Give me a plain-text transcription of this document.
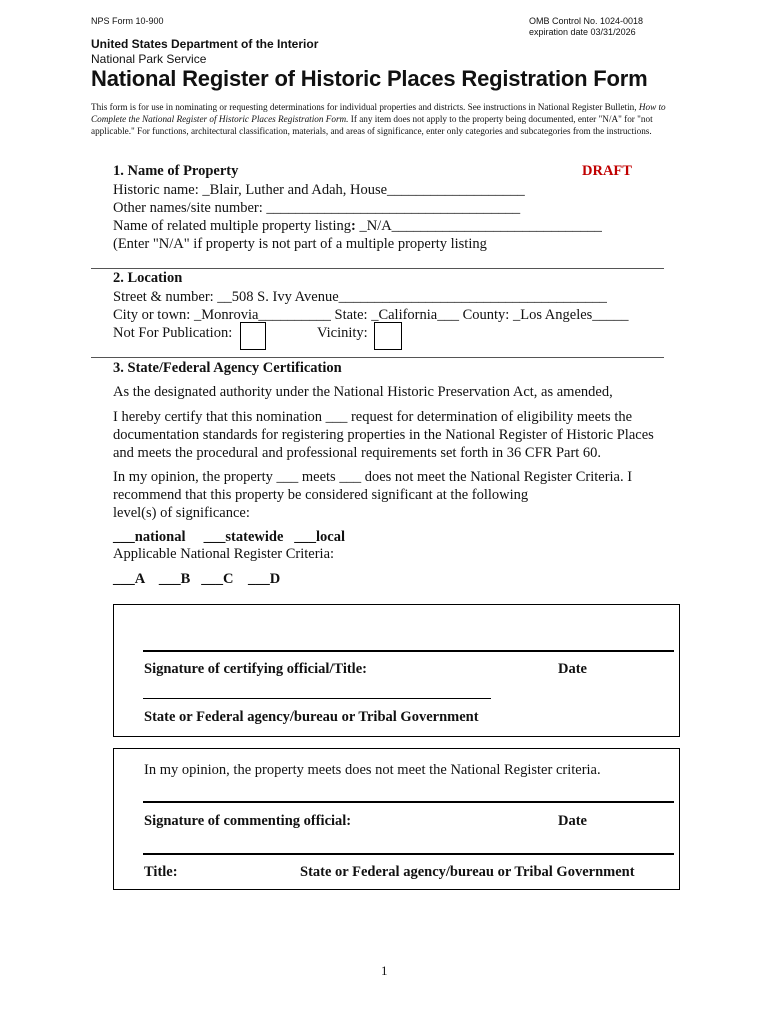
NPS Form 10-900	OMB Control No. 1024-0018
expiration date 03/31/2026
United States Department of the Interior
National Park Service
National Register of Historic Places Registration Form
This form is for use in nominating or requesting determinations for individual properties and districts. See instructions in National Register Bulletin, How to Complete the National Register of Historic Places Registration Form. If any item does not apply to the property being documented, enter "N/A" for "not applicable." For functions, architectural classification, materials, and areas of significance, enter only categories and subcategories from the instructions.
1. Name of Property	DRAFT
Historic name: _Blair, Luther and Adah, House___________________
Other names/site number: ___________________________________
Name of related multiple property listing: _N/A_____________________________
(Enter "N/A" if property is not part of a multiple property listing
2. Location
Street & number: __508 S. Ivy Avenue_____________________________________
City or town: _Monrovia__________ State: _California___ County: _Los Angeles_____
Not For Publication:	Vicinity:
3. State/Federal Agency Certification
As the designated authority under the National Historic Preservation Act, as amended,
I hereby certify that this nomination ___ request for determination of eligibility meets the
documentation standards for registering properties in the National Register of Historic Places
and meets the procedural and professional requirements set forth in 36 CFR Part 60.
In my opinion, the property ___ meets ___ does not meet the National Register Criteria. I
recommend that this property be considered significant at the following
level(s) of significance:
___national     ___statewide   ___local
Applicable National Register Criteria:
___A    ___B   ___C    ___D
Signature of certifying official/Title:	Date
State or Federal agency/bureau or Tribal Government
In my opinion, the property meets does not meet the National Register criteria.
Signature of commenting official:	Date
Title:	State or Federal agency/bureau or Tribal Government
1
